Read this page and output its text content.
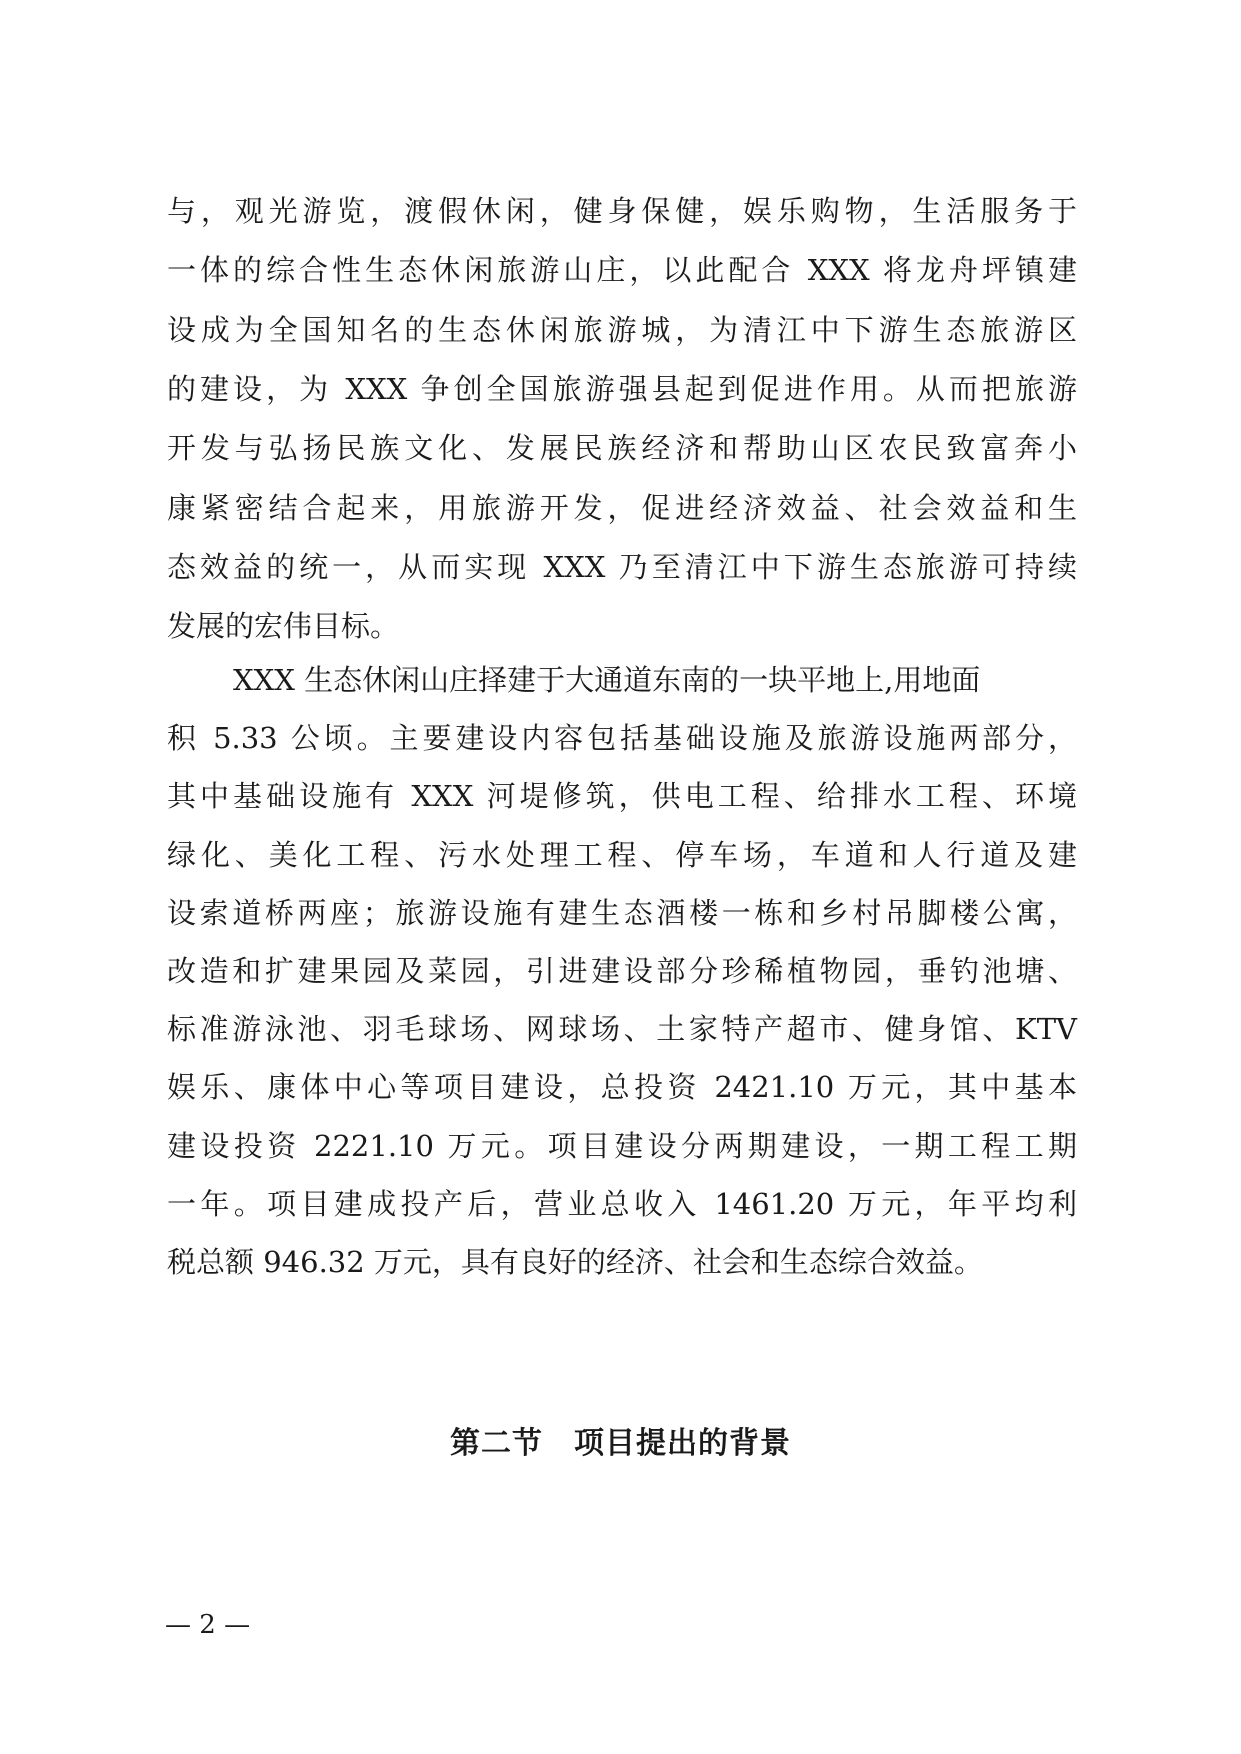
与，观光游览，渡假休闲，健身保健，娱乐购物，生活服务于
一体的综合性生态休闲旅游山庄，以此配合 XXX 将龙舟坪镇建
设成为全国知名的生态休闲旅游城，为清江中下游生态旅游区
的建设，为 XXX 争创全国旅游强县起到促进作用。从而把旅游
开发与弘扬民族文化、发展民族经济和帮助山区农民致富奔小
康紧密结合起来，用旅游开发，促进经济效益、社会效益和生
态效益的统一，从而实现 XXX 乃至清江中下游生态旅游可持续
发展的宏伟目标。
XXX 生态休闲山庄择建于大通道东南的一块平地上,用地面
积 5.33 公顷。主要建设内容包括基础设施及旅游设施两部分，
其中基础设施有 XXX 河堤修筑，供电工程、给排水工程、环境
绿化、美化工程、污水处理工程、停车场，车道和人行道及建
设索道桥两座；旅游设施有建生态酒楼一栋和乡村吊脚楼公寓，
改造和扩建果园及菜园，引进建设部分珍稀植物园，垂钓池塘、
标准游泳池、羽毛球场、网球场、土家特产超市、健身馆、KTV
娱乐、康体中心等项目建设，总投资 2421.10 万元，其中基本
建设投资 2221.10 万元。项目建设分两期建设，一期工程工期
一年。项目建成投产后，营业总收入 1461.20 万元，年平均利
税总额 946.32 万元，具有良好的经济、社会和生态综合效益。
第二节　项目提出的背景
— 2 —
